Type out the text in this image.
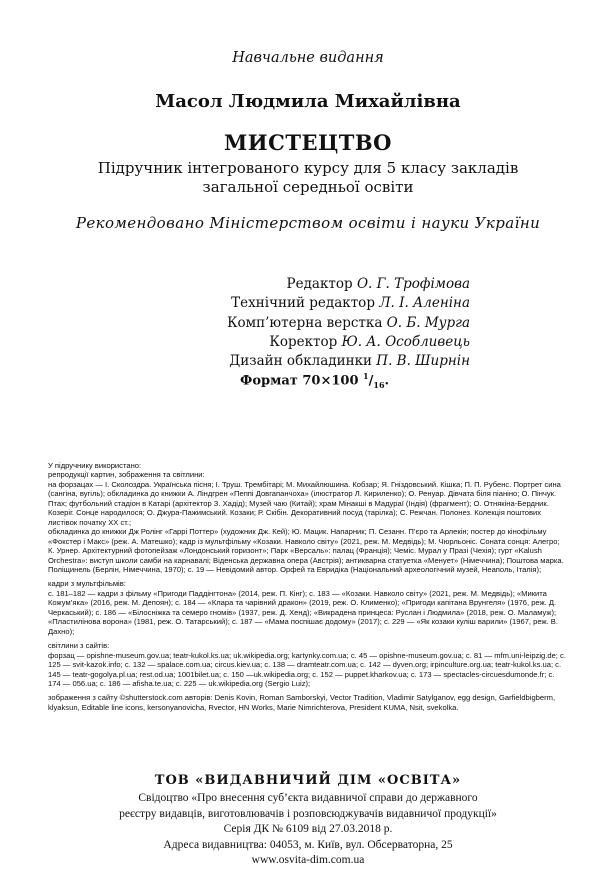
Навчальне видання
Масол Людмила Михайлівна
МИСТЕЦТВО
Підручник інтегрованого курсу для 5 класу закладів
загальної середньої освіти
Рекомендовано Міністерством освіти і науки України
Редактор О. Г. Трофімова
Технічний редактор Л. І. Аленіна
Комп’ютерна верстка О. Б. Мурга
Коректор Ю. А. Особливець
Дизайн обкладинки П. В. Ширнін
Формат 70×100 $^1/_{16}$.

У підручнику використано:

репродукції картин, зображення та світлини:

на форзацах — І. Сколоздра. Українська пісня; І. Труш. Трембітарі; М. Михайлюшина. Кобзар; Я. Гніздовський. Кішка; П. П. Рубенс. Портрет сина (сангіна, вугіль); обкладинка до книжки А. Ліндгрен «Пеппі Довгапанчоха» (ілюстратор Л. Кириленко); О. Ренуар. Дівчата біля піаніно; О. Пінчук. Птах; футбольний стадіон в Катарі (архітектор З. Хадід); Музей чаю (Китай); храм Мінакші в Мадураї (Індія) (фрагмент); О. Отнякіна-Бердник. Козеріг. Сонце народилося; О. Джура-Пажимський. Козаки; Р. Скібін. Декоративний посуд (тарілка); С. Режчан. Полонез. Колекція поштових листівок початку XX ст.;

обкладинка до книжки Дж Ролінг «Гаррі Поттер» (художник Дж. Кей); Ю. Мацик. Напарник; П. Сезанн. П’єро та Арлекін; постер до кінофільму «Фокстер і Макс» (реж. А. Матешко); кадр із мультфільму «Козаки. Навколо світу» (2021, реж. М. Медвідь); М. Чюрльоніс. Соната сонця: Алегро; К. Урнер. Архітектурний фотопейзаж «Лондонський горизонт»; Парк «Версаль»: палац (Франція); Чеміс. Мурал у Празі (Чехія); гурт «Kalush Orchestra»: виступ школи самби на карнавалі; Віденська державна опера (Австрія); антикварна статуетка «Менует» (Німеччина); Поштова марка. Поліщинель (Берлін, Німеччина, 1970); с. 19 — Невідомий автор. Орфей та Евридіка (Національний археологічний музей, Неаполь, Італія);

кадри з мультфільмів:

с. 181–182 — кадри з фільму «Пригоди Паддінгтона» (2014, реж. П. Кінг); с. 183 — «Козаки. Навколо світу» (2021, реж. М. Медвідь); «Микита Кожум’яка» (2016, реж. М. Депоян); с. 184 — «Клара та чарівний дракон» (2019, реж. О. Клименко); «Пригоди капітана Врунгеля» (1976, реж. Д. Черкаський); с. 186 — «Білосніжка та семеро гномів» (1937, реж. Д. Хенд); «Викрадена принцеса: Руслан і Людмила» (2018, реж. О. Маламуж); «Пластилінова ворона» (1981, реж. О. Татарський); с. 187 — «Мама поспішає додому» (2017); с. 229 — «Як козаки куліш варили» (1967, реж. В. Дахно);

світлини з сайтів:

форзац — opishne-museum.gov.ua; teatr-kukol.ks.ua; uk.wikipedia.org; kartynky.com.ua; с. 45 — opishne-museum.gov.ua; с. 81 — mfm.uni-leipzig.de; с. 125 — svit-kazok.info; с. 132 — spalace.com.ua; circus.kiev.ua; с. 138 — dramteatr.com.ua; с. 142 — dyven.org; irpinculture.org.ua; teatr-kukol.ks.ua; с. 145 — teatr-gogolya.pl.ua; rest.od.ua; 1001bilet.ua; с. 150 —uk.wikipedia.org; с. 152 — puppet.kharkov.ua; с. 173 — spectacles-circuesdumonde.fr; с. 174 — 056.ua; с. 186 — afisha.te.ua; с. 225 — uk.wikipedia.org (Sergio Luiz);

зображення з сайту ©shutterstock.com авторів: Denis Kovin, Roman Samborskyi, Vector Tradition, Vladimir Satylganov, egg design, Garfieldbigberm, klyaksun, Editable line icons, kersonyanovicha, Rvector, HN Works, Marie Nimrichterova, President KUMA, Nsit, svekolka.

ТОВ «ВИДАВНИЧИЙ ДІМ «ОСВІТА»
Свідоцтво «Про внесення суб’єкта видавничої справи до державного
реєстру видавців, виготовлювачів і розповсюджувачів видавничої продукції»
Серія ДК № 6109 від 27.03.2018 р.
Адреса видавництва: 04053, м. Київ, вул. Обсерваторна, 25
www.osvita-dim.com.ua
